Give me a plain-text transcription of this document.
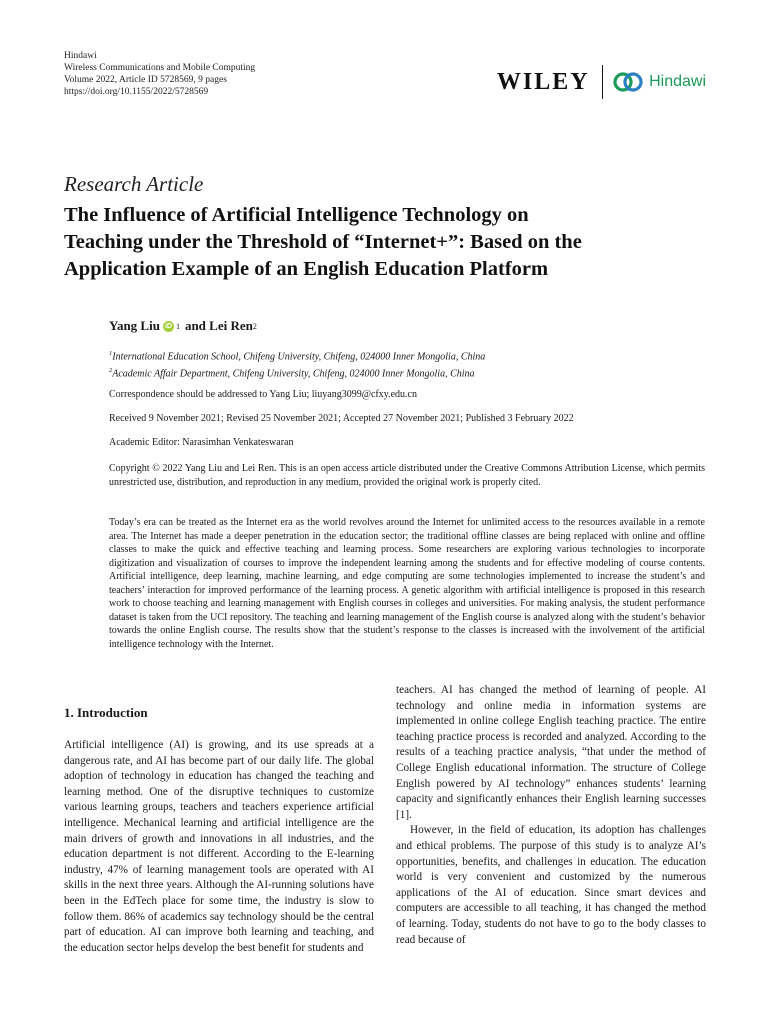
Hindawi
Wireless Communications and Mobile Computing
Volume 2022, Article ID 5728569, 9 pages
https://doi.org/10.1155/2022/5728569	WILEY	Hindawi
Research Article
The Influence of Artificial Intelligence Technology on
Teaching under the Threshold of “Internet+”: Based on the
Application Example of an English Education Platform
Yang Liu iD 1 and Lei Ren 2
$^1$International Education School, Chifeng University, Chifeng, 024000 Inner Mongolia, China
$^2$Academic Affair Department, Chifeng University, Chifeng, 024000 Inner Mongolia, China
Correspondence should be addressed to Yang Liu; liuyang3099@cfxy.edu.cn
Received 9 November 2021; Revised 25 November 2021; Accepted 27 November 2021; Published 3 February 2022
Academic Editor: Narasimhan Venkateswaran
Copyright © 2022 Yang Liu and Lei Ren. This is an open access article distributed under the Creative Commons Attribution License, which permits unrestricted use, distribution, and reproduction in any medium, provided the original work is properly cited.
Today’s era can be treated as the Internet era as the world revolves around the Internet for unlimited access to the resources available in a remote area. The Internet has made a deeper penetration in the education sector; the traditional offline classes are being replaced with online and offline classes to make the quick and effective teaching and learning process. Some researchers are exploring various technologies to incorporate digitization and visualization of courses to improve the independent learning among the students and for effective modeling of course contents. Artificial intelligence, deep learning, machine learning, and edge computing are some technologies implemented to increase the student’s and teachers’ interaction for improved performance of the learning process. A genetic algorithm with artificial intelligence is proposed in this research work to choose teaching and learning management with English courses in colleges and universities. For making analysis, the student performance dataset is taken from the UCI repository. The teaching and learning management of the English course is analyzed along with the student’s behavior towards the online English course. The results show that the student’s response to the classes is increased with the involvement of the artificial intelligence technology with the Internet.
1. Introduction

Artificial intelligence (AI) is growing, and its use spreads at a dangerous rate, and AI has become part of our daily life. The global adoption of technology in education has changed the teaching and learning method. One of the disruptive techniques to customize various learning groups, teachers and teachers experience artificial intelligence. Mechanical learning and artificial intelligence are the main drivers of growth and innovations in all industries, and the education department is not different. According to the E-learning industry, 47% of learning management tools are operated with AI skills in the next three years. Although the AI-running solutions have been in the EdTech place for some time, the industry is slow to follow them. 86% of academics say technology should be the central part of education. AI can improve both learning and teaching, and the education sector helps develop the best benefit for students and

teachers. AI has changed the method of learning of people. AI technology and online media in information systems are implemented in online college English teaching practice. The entire teaching practice process is recorded and analyzed. According to the results of a teaching practice analysis, “that under the method of College English educational information. The structure of College English powered by AI technology” enhances students’ learning capacity and significantly enhances their English learning successes [1].

However, in the field of education, its adoption has challenges and ethical problems. The purpose of this study is to analyze AI’s opportunities, benefits, and challenges in education. The education world is very convenient and customized by the numerous applications of the AI of education. Since smart devices and computers are accessible to all teaching, it has changed the method of learning. Today, students do not have to go to the body classes to read because of
